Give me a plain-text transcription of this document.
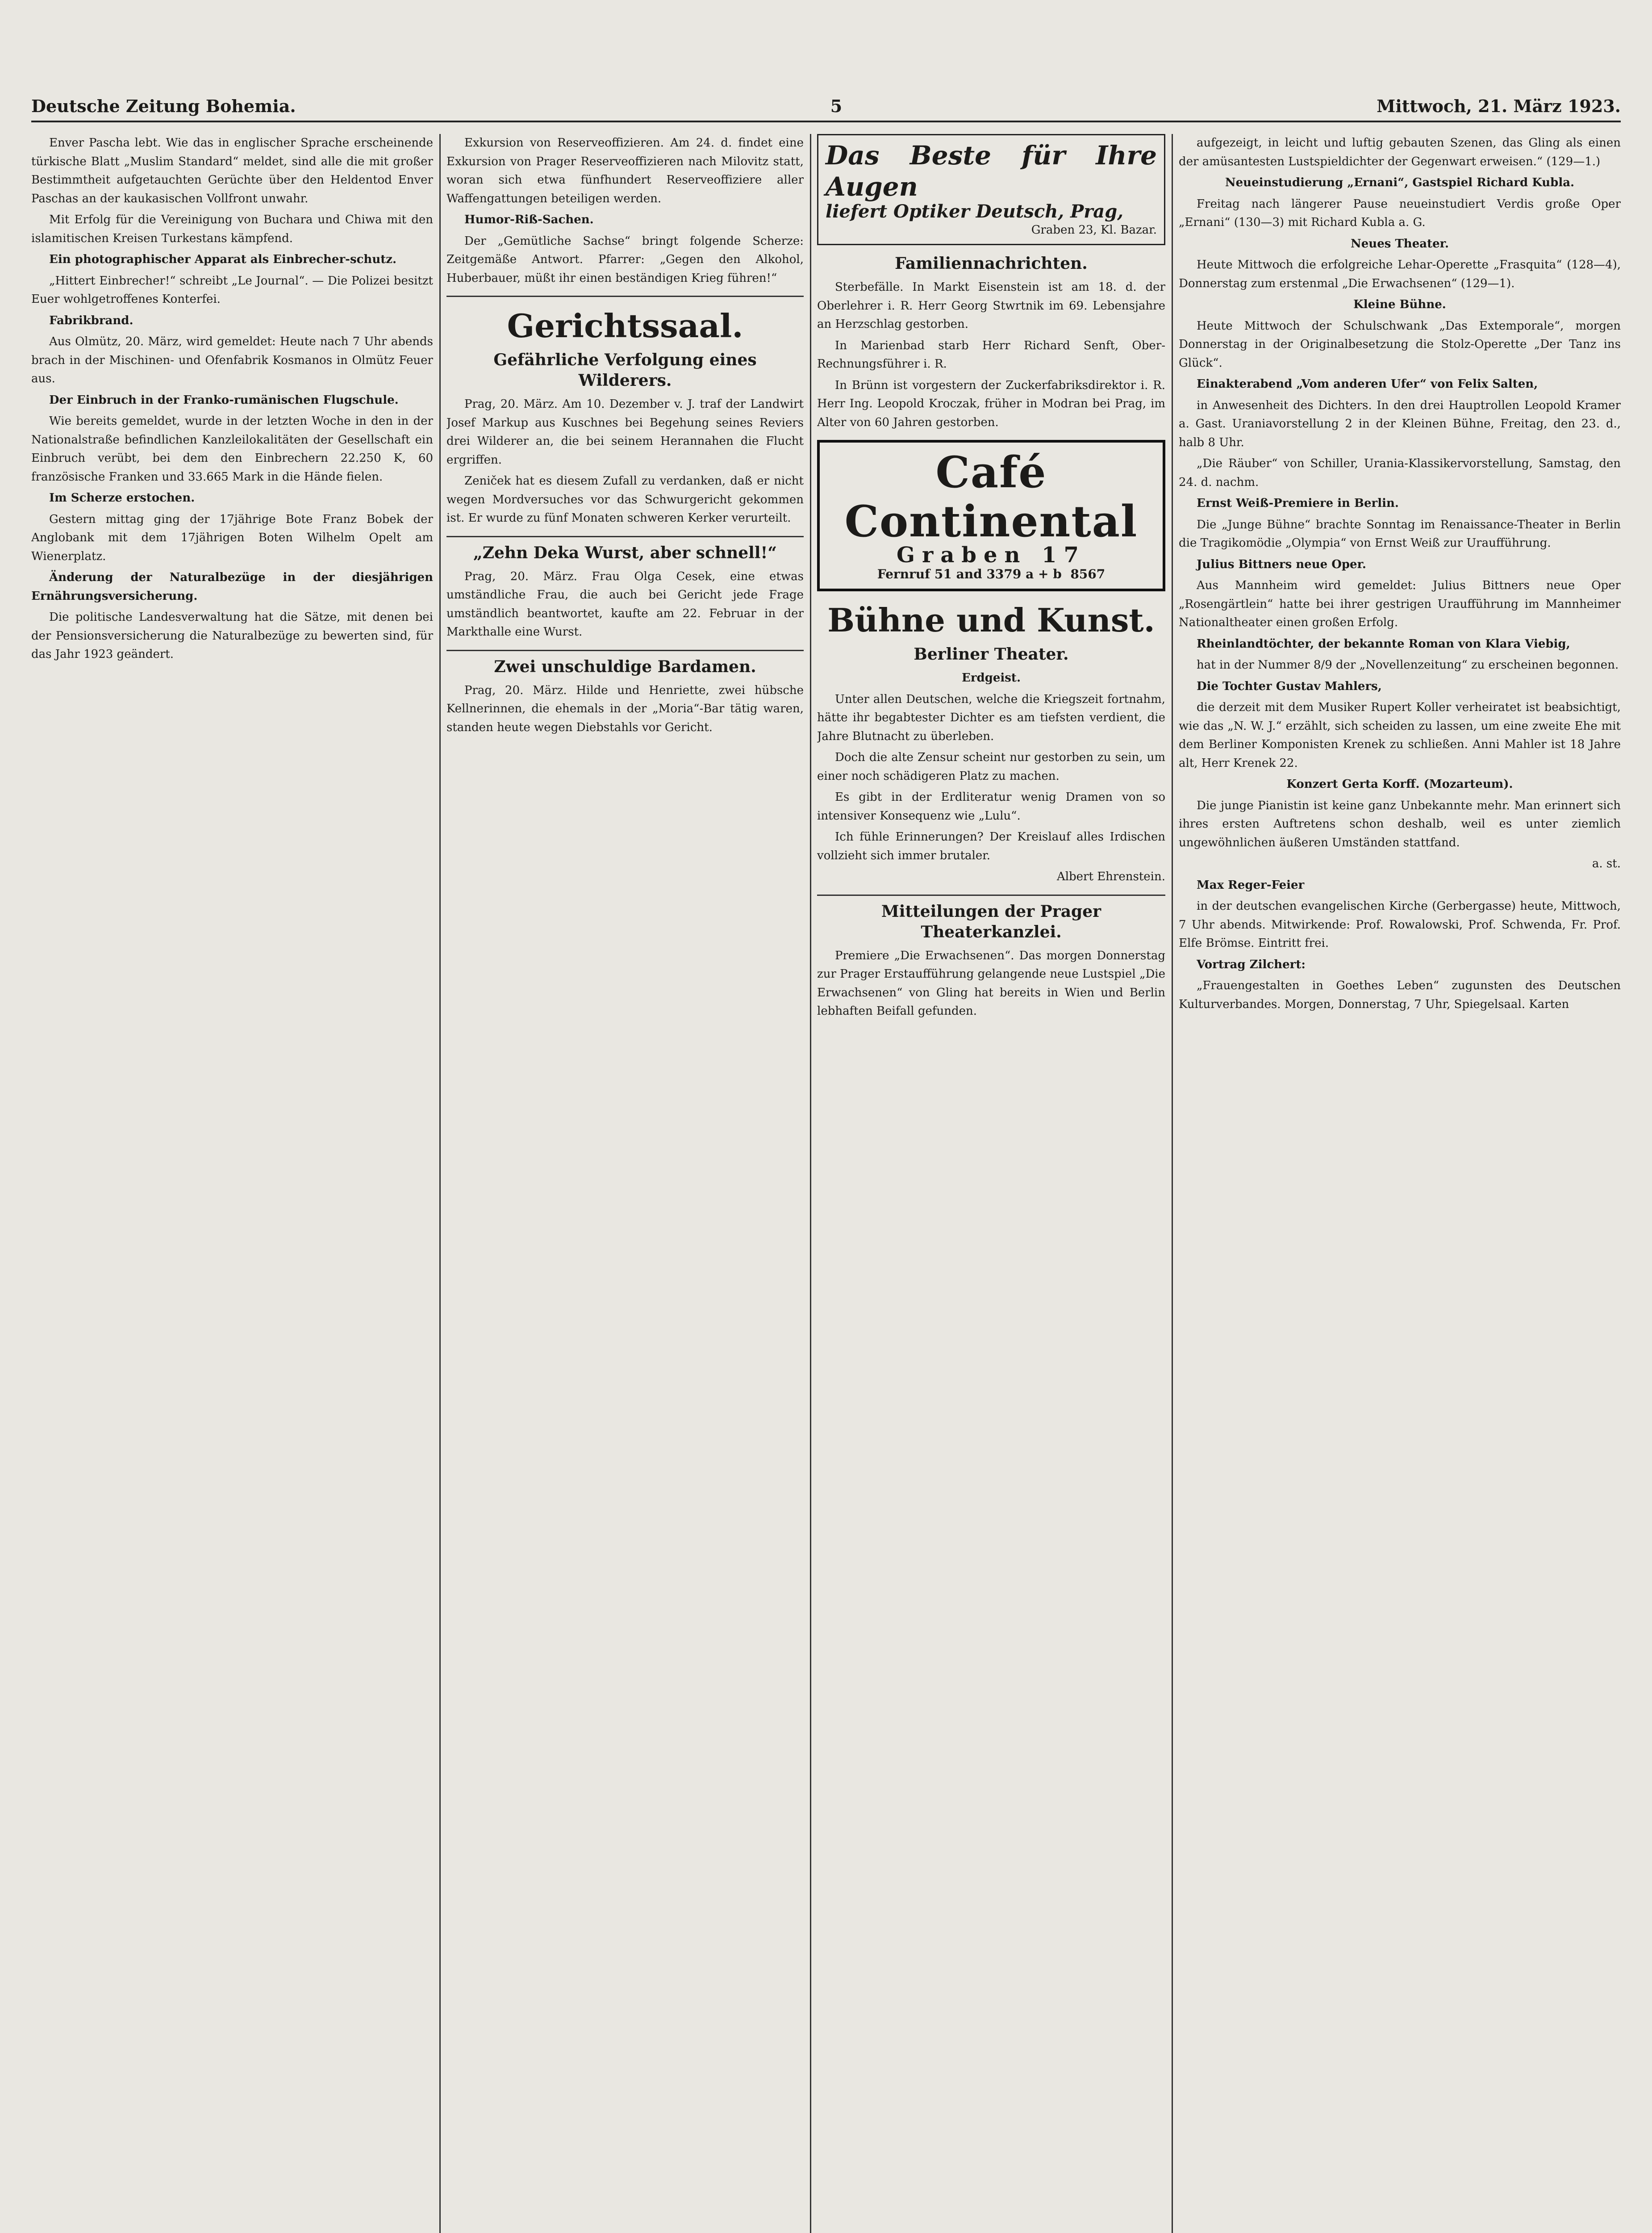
Deutsche Zeitung Bohemia.	5	Mittwoch, 21. März 1923.

Enver Pascha lebt. Wie das in englischer Sprache erscheinende türkische Blatt „Muslim Standard“ meldet, sind alle die mit großer Bestimmtheit aufgetauchten Gerüchte über den Heldentod Enver Paschas an der kaukasischen Vollfront unwahr.

Mit Erfolg für die Vereinigung von Buchara und Chiwa mit den islamitischen Kreisen Turkestans kämpfend.

Ein photographischer Apparat als Einbrecher-schutz.

„Hittert Einbrecher!“ schreibt „Le Journal“. — Die Polizei besitzt Euer wohlgetroffenes Konterfei.

Fabrikbrand.

Aus Olmütz, 20. März, wird gemeldet: Heute nach 7 Uhr abends brach in der Mischinen- und Ofenfabrik Kosmanos in Olmütz Feuer aus.

Der Einbruch in der Franko-rumänischen Flugschule.

Wie bereits gemeldet, wurde in der letzten Woche in den in der Nationalstraße befindlichen Kanzleilokalitäten der Gesellschaft ein Einbruch verübt, bei dem den Einbrechern 22.250 K, 60 französische Franken und 33.665 Mark in die Hände fielen.

Im Scherze erstochen.

Gestern mittag ging der 17jährige Bote Franz Bobek der Anglobank mit dem 17jährigen Boten Wilhelm Opelt am Wienerplatz.

Änderung der Naturalbezüge in der diesjährigen Ernährungsversicherung.

Die politische Landesverwaltung hat die Sätze, mit denen bei der Pensionsversicherung die Naturalbezüge zu bewerten sind, für das Jahr 1923 geändert.

Exkursion von Reserveoffizieren. Am 24. d. findet eine Exkursion von Prager Reserveoffizieren nach Milovitz statt, woran sich etwa fünfhundert Reserveoffiziere aller Waffengattungen beteiligen werden.

Humor-Riß-Sachen.

Der „Gemütliche Sachse“ bringt folgende Scherze: Zeitgemäße Antwort. Pfarrer: „Gegen den Alkohol, Huberbauer, müßt ihr einen beständigen Krieg führen!“

Gerichtssaal.

Gefährliche Verfolgung eines Wilderers.

Prag, 20. März. Am 10. Dezember v. J. traf der Landwirt Josef Markup aus Kuschnes bei Begehung seines Reviers drei Wilderer an, die bei seinem Herannahen die Flucht ergriffen.

Zeniček hat es diesem Zufall zu verdanken, daß er nicht wegen Mordversuches vor das Schwurgericht gekommen ist. Er wurde zu fünf Monaten schweren Kerker verurteilt.

„Zehn Deka Wurst, aber schnell!“

Prag, 20. März. Frau Olga Cesek, eine etwas umständliche Frau, die auch bei Gericht jede Frage umständlich beantwortet, kaufte am 22. Februar in der Markthalle eine Wurst.

Zwei unschuldige Bardamen.

Prag, 20. März. Hilde und Henriette, zwei hübsche Kellnerinnen, die ehemals in der „Moria“-Bar tätig waren, standen heute wegen Diebstahls vor Gericht.

Das Beste für Ihre Augen
liefert Optiker Deutsch, Prag,
Graben 23, Kl. Bazar.

Familiennachrichten.

Sterbefälle. In Markt Eisenstein ist am 18. d. der Oberlehrer i. R. Herr Georg Stwrtnik im 69. Lebensjahre an Herzschlag gestorben.

In Marienbad starb Herr Richard Senft, Ober-Rechnungsführer i. R.

In Brünn ist vorgestern der Zuckerfabriksdirektor i. R. Herr Ing. Leopold Kroczak, früher in Modran bei Prag, im Alter von 60 Jahren gestorben.

Café Continental
Graben 17
Fernruf 51 and 3379 a + b 8567

Bühne und Kunst.

Berliner Theater.

Erdgeist.

Unter allen Deutschen, welche die Kriegszeit fortnahm, hätte ihr begabtester Dichter es am tiefsten verdient, die Jahre Blutnacht zu überleben.

Doch die alte Zensur scheint nur gestorben zu sein, um einer noch schädigeren Platz zu machen.

Es gibt in der Erdliteratur wenig Dramen von so intensiver Konsequenz wie „Lulu“.

Ich fühle Erinnerungen? Der Kreislauf alles Irdischen vollzieht sich immer brutaler.

Albert Ehrenstein.

Mitteilungen der Prager Theaterkanzlei.

Premiere „Die Erwachsenen“. Das morgen Donnerstag zur Prager Erstaufführung gelangende neue Lustspiel „Die Erwachsenen“ von Gling hat bereits in Wien und Berlin lebhaften Beifall gefunden.

aufgezeigt, in leicht und luftig gebauten Szenen, das Gling als einen der amüsantesten Lustspieldichter der Gegenwart erweisen.“ (129—1.)

Neueinstudierung „Ernani“, Gastspiel Richard Kubla.

Freitag nach längerer Pause neueinstudiert Verdis große Oper „Ernani“ (130—3) mit Richard Kubla a. G.

Neues Theater.

Heute Mittwoch die erfolgreiche Lehar-Operette „Frasquita“ (128—4), Donnerstag zum erstenmal „Die Erwachsenen“ (129—1).

Kleine Bühne.

Heute Mittwoch der Schulschwank „Das Extemporale“, morgen Donnerstag in der Originalbesetzung die Stolz-Operette „Der Tanz ins Glück“.

Einakterabend „Vom anderen Ufer“ von Felix Salten,

in Anwesenheit des Dichters. In den drei Hauptrollen Leopold Kramer a. Gast. Uraniavorstellung 2 in der Kleinen Bühne, Freitag, den 23. d., halb 8 Uhr.

„Die Räuber“ von Schiller, Urania-Klassikervorstellung, Samstag, den 24. d. nachm.

Ernst Weiß-Premiere in Berlin.

Die „Junge Bühne“ brachte Sonntag im Renaissance-Theater in Berlin die Tragikomödie „Olympia“ von Ernst Weiß zur Uraufführung.

Julius Bittners neue Oper.

Aus Mannheim wird gemeldet: Julius Bittners neue Oper „Rosengärtlein“ hatte bei ihrer gestrigen Uraufführung im Mannheimer Nationaltheater einen großen Erfolg.

Rheinlandtöchter, der bekannte Roman von Klara Viebig,

hat in der Nummer 8/9 der „Novellenzeitung“ zu erscheinen begonnen.

Die Tochter Gustav Mahlers,

die derzeit mit dem Musiker Rupert Koller verheiratet ist beabsichtigt, wie das „N. W. J.“ erzählt, sich scheiden zu lassen, um eine zweite Ehe mit dem Berliner Komponisten Krenek zu schließen. Anni Mahler ist 18 Jahre alt, Herr Krenek 22.

Konzert Gerta Korff. (Mozarteum).

Die junge Pianistin ist keine ganz Unbekannte mehr. Man erinnert sich ihres ersten Auftretens schon deshalb, weil es unter ziemlich ungewöhnlichen äußeren Umständen stattfand.

a. st.

Max Reger-Feier

in der deutschen evangelischen Kirche (Gerbergasse) heute, Mittwoch, 7 Uhr abends. Mitwirkende: Prof. Rowalowski, Prof. Schwenda, Fr. Prof. Elfe Brömse. Eintritt frei.

Vortrag Zilchert:

„Frauengestalten in Goethes Leben“ zugunsten des Deutschen Kulturverbandes. Morgen, Donnerstag, 7 Uhr, Spiegelsaal. Karten
